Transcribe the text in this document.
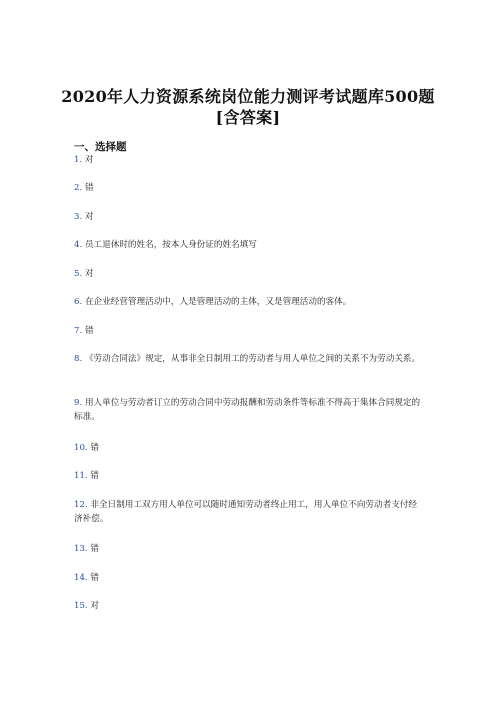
2020年人力资源系统岗位能力测评考试题库500题
[含答案]
一、选择题
1. 对
2. 错
3. 对
4. 员工退休时的姓名，按本人身份证的姓名填写
5. 对
6. 在企业经营管理活动中，人是管理活动的主体，又是管理活动的客体。
7. 错
8. 《劳动合同法》规定，从事非全日制用工的劳动者与用人单位之间的关系不为劳动关系。
9. 用人单位与劳动者订立的劳动合同中劳动报酬和劳动条件等标准不得高于集体合同规定的标准。
10. 错
11. 错
12. 非全日制用工双方用人单位可以随时通知劳动者终止用工，用人单位不向劳动者支付经济补偿。
13. 错
14. 错
15. 对
